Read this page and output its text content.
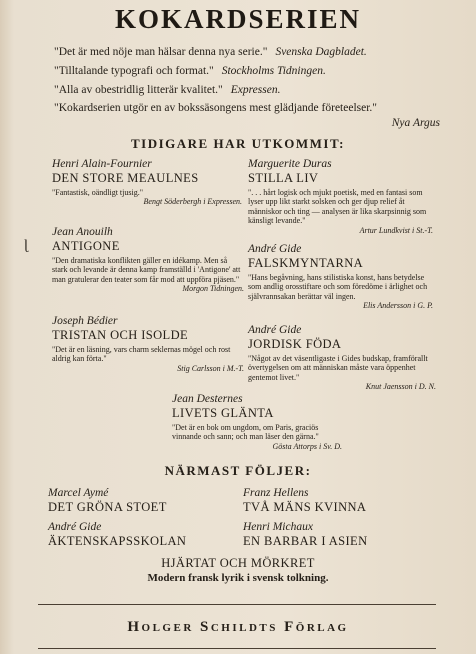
KOKARDSERIEN
"Det är med nöje man hälsar denna nya serie." Svenska Dagbladet.
"Tilltalande typografi och format." Stockholms Tidningen.
"Alla av obestridlig litterär kvalitet." Expressen.
"Kokardserien utgör en av bokssäsongens mest glädjande företeelser."
Nya Argus
TIDIGARE HAR UTKOMMIT:
ɭ
Henri Alain-Fournier
DEN STORE MEAULNES
"Fantastisk, oändligt tjusig."
Bengt Söderbergh i Expressen.
Marguerite Duras
STILLA LIV
". . . hårt logisk och mjukt poetisk, med en fantasi som lyser upp likt starkt solsken och ger djup relief åt människor och ting — analysen är lika skarpsinnig som känsligt levande."
Artur Lundkvist i St.-T.
Jean Anouilh
ANTIGONE
"Den dramatiska konflikten gäller en idékamp. Men så stark och levande är denna kamp framställd i 'Antigone' att man gratulerar den teater som får mod att uppföra pjäsen."
Morgon Tidningen.
André Gide
FALSKMYNTARNA
"Hans begåvning, hans stilistiska konst, hans betydelse som andlig orosstiftare och som föredöme i ärlighet och självrannsakan berättar väl ingen.
Elis Andersson i G. P.
Joseph Bédier
TRISTAN OCH ISOLDE
"Det är en läsning, vars charm seklernas mögel och rost aldrig kan förta."
Stig Carlsson i M.-T.
André Gide
JORDISK FÖDA
"Något av det väsentligaste i Gides budskap, framförallt övertygelsen om att människan måste vara öppenhet gentemot livet."
Knut Jaensson i D. N.
Jean Desternes
LIVETS GLÄNTA
"Det är en bok om ungdom, om Paris, graciös vinnande och sann; och man läser den gärna."
Gösta Attorps i Sv. D.
NÄRMAST FÖLJER:
Marcel Aymé
DET GRÖNA STOET
Franz Hellens
TVÅ MÄNS KVINNA
André Gide
ÄKTENSKAPSSKOLAN
Henri Michaux
EN BARBAR I ASIEN
HJÄRTAT OCH MÖRKRET
Modern fransk lyrik i svensk tolkning.
Holger Schildts Förlag
